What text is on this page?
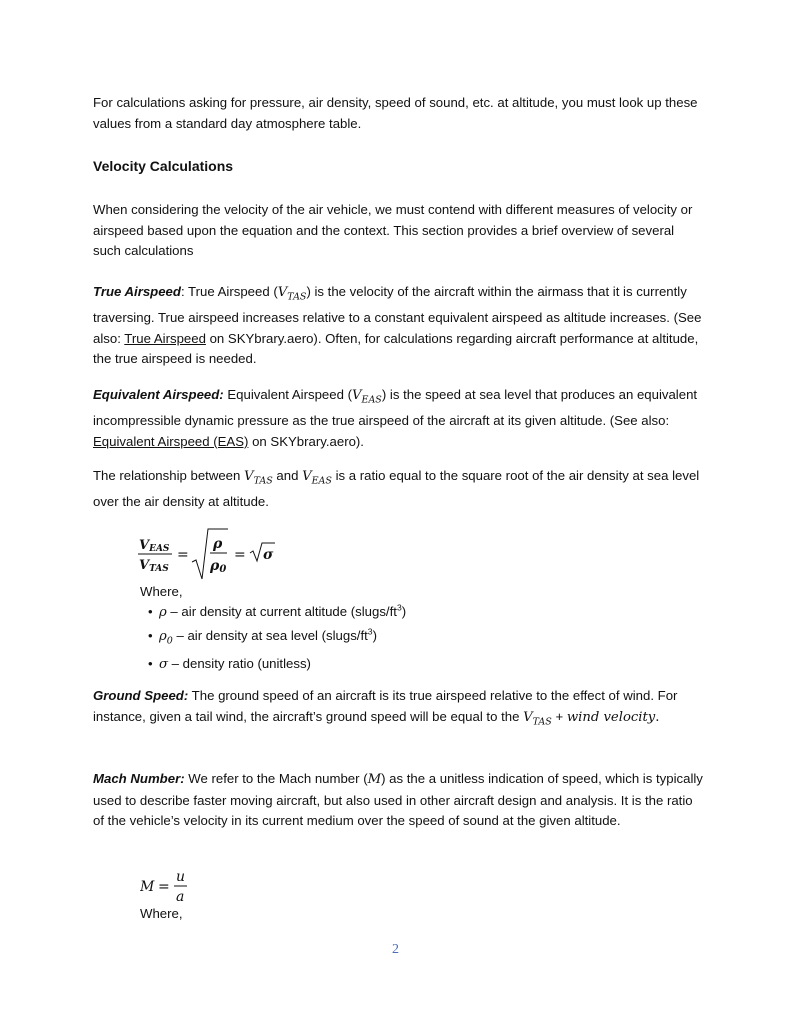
For calculations asking for pressure, air density, speed of sound, etc. at altitude, you must look up these values from a standard day atmosphere table.

Velocity Calculations

When considering the velocity of the air vehicle, we must contend with different measures of velocity or airspeed based upon the equation and the context. This section provides a brief overview of several such calculations

True Airspeed: True Airspeed $(V_{TAS})$ is the velocity of the aircraft within the airmass that it is currently traversing. True airspeed increases relative to a constant equivalent airspeed as altitude increases. (See also: True Airspeed on SKYbrary.aero). Often, for calculations regarding aircraft performance at altitude, the true airspeed is needed.

Equivalent Airspeed: Equivalent Airspeed $(V_{EAS})$ is the speed at sea level that produces an equivalent incompressible dynamic pressure as the true airspeed of the aircraft at its given altitude. (See also: Equivalent Airspeed (EAS) on SKYbrary.aero).

The relationship between $V_{TAS}$ and $V_{EAS}$ is a ratio equal to the square root of the air density at sea level over the air density at altitude.

VEAS
VTAS
=
ρ
ρ0
= σ

Where,

• ρ – air density at current altitude $(slugs/ft^3)$
• $\rho_0$ – air density at sea level $(slugs/ft^3)$
• σ – density ratio (unitless)

Ground Speed: The ground speed of an aircraft is its true airspeed relative to the effect of wind. For instance, given a tail wind, the aircraft’s ground speed will be equal to the $V_{TAS}$ + wind velocity.

Mach Number: We refer to the Mach number (M) as the a unitless indication of speed, which is typically used to describe faster moving aircraft, but also used in other aircraft design and analysis. It is the ratio of the vehicle’s velocity in its current medium over the speed of sound at the given altitude.

M =
u
a

Where,

2
